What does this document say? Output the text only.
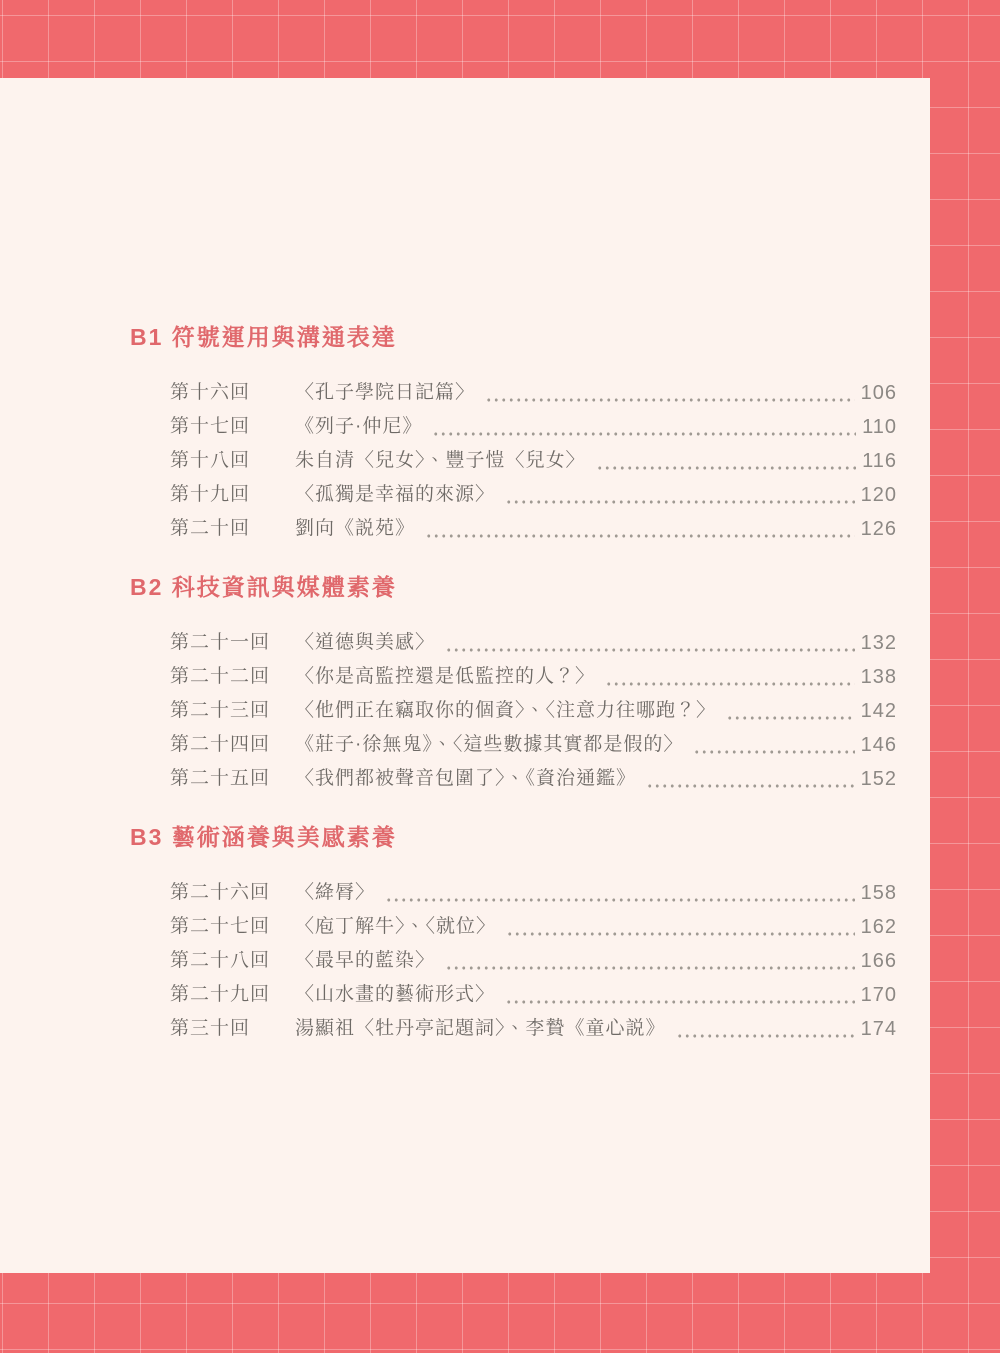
B1 符號運用與溝通表達
第十六回	〈孔子學院日記篇〉	106
第十七回	《列子·仲尼》	110
第十八回	朱自清〈兒女〉、豐子愷〈兒女〉	116
第十九回	〈孤獨是幸福的來源〉	120
第二十回	劉向《説苑》	126
B2 科技資訊與媒體素養
第二十一回	〈道德與美感〉	132
第二十二回	〈你是高監控還是低監控的人？〉	138
第二十三回	〈他們正在竊取你的個資〉、〈注意力往哪跑？〉	142
第二十四回	《莊子·徐無鬼》、〈這些數據其實都是假的〉	146
第二十五回	〈我們都被聲音包圍了〉、《資治通鑑》	152
B3 藝術涵養與美感素養
第二十六回	〈絳脣〉	158
第二十七回	〈庖丁解牛〉、〈就位〉	162
第二十八回	〈最早的藍染〉	166
第二十九回	〈山水畫的藝術形式〉	170
第三十回	湯顯祖〈牡丹亭記題詞〉、李贄《童心説》	174
